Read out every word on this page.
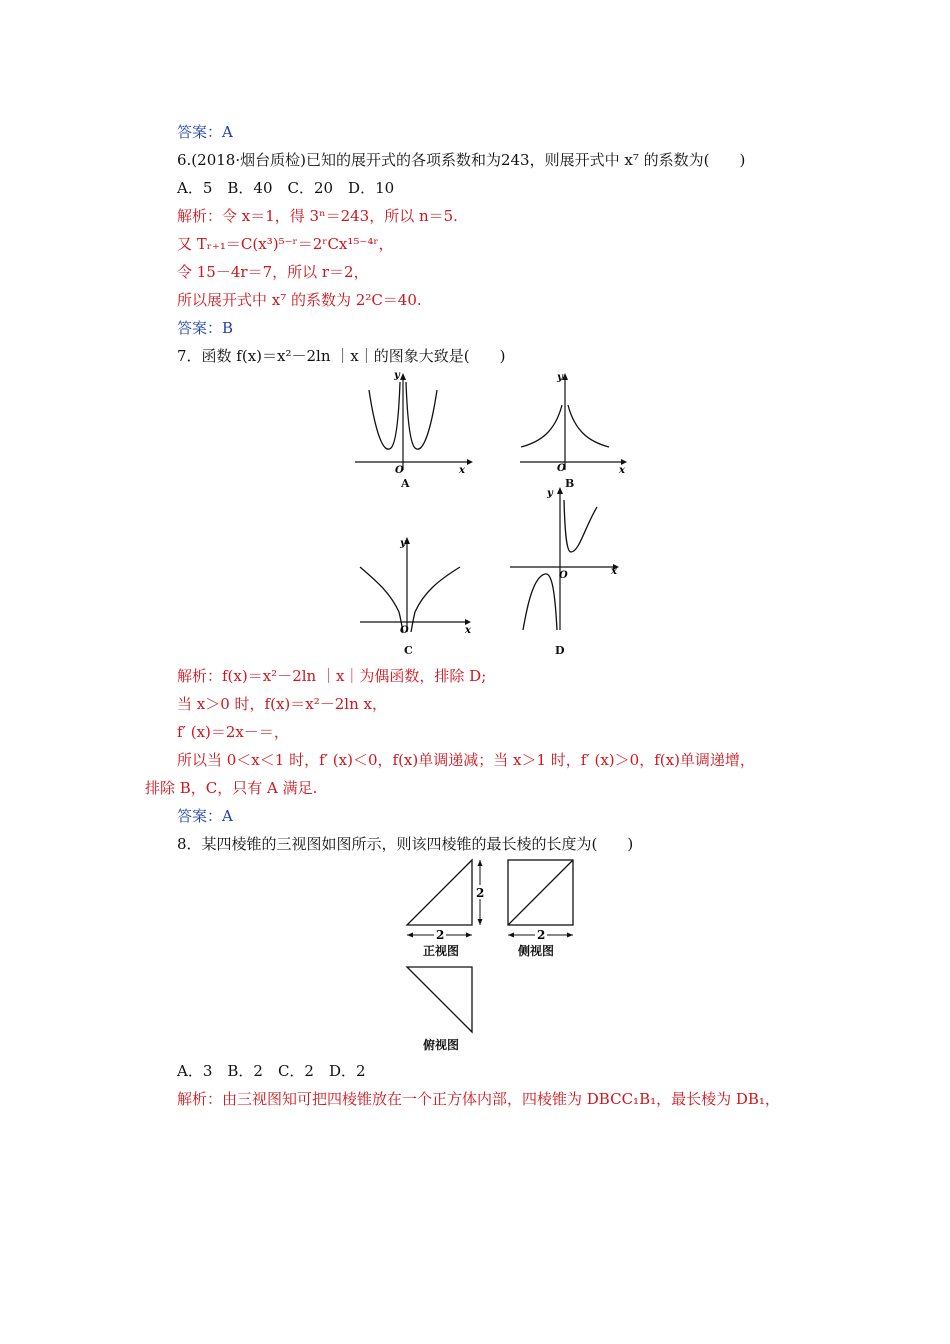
答案：A
6.(2018·烟台质检)已知的展开式的各项系数和为243，则展开式中 x⁷ 的系数为(　　)
A．5　B．40　C．20　D．10
解析：令 x＝1，得 3ⁿ＝243，所以 n＝5.
又 Tᵣ₊₁＝C(x³)⁵⁻ʳ＝2ʳCx¹⁵⁻⁴ʳ，
令 15－4r＝7，所以 r＝2，
所以展开式中 x⁷ 的系数为 2²C＝40.
答案：B
7．函数 f(x)＝x²－2ln ｜x｜的图象大致是(　　)
y
x
O
A
y
x
O
B
y
x
O
C
y
x
O
D
解析：f(x)＝x²－2ln ｜x｜为偶函数，排除 D;
当 x＞0 时，f(x)＝x²－2ln x，
f′ (x)＝2x－＝，
所以当 0＜x＜1 时，f′ (x)＜0，f(x)单调递减；当 x＞1 时，f′ (x)＞0，f(x)单调递增，
排除 B，C，只有 A 满足.
答案：A
8．某四棱锥的三视图如图所示，则该四棱锥的最长棱的长度为(　　)
2
2
正视图
2
侧视图
俯视图
A．3　B．2　C．2　D．2
解析：由三视图知可把四棱锥放在一个正方体内部，四棱锥为 DBCC₁B₁，最长棱为 DB₁，
